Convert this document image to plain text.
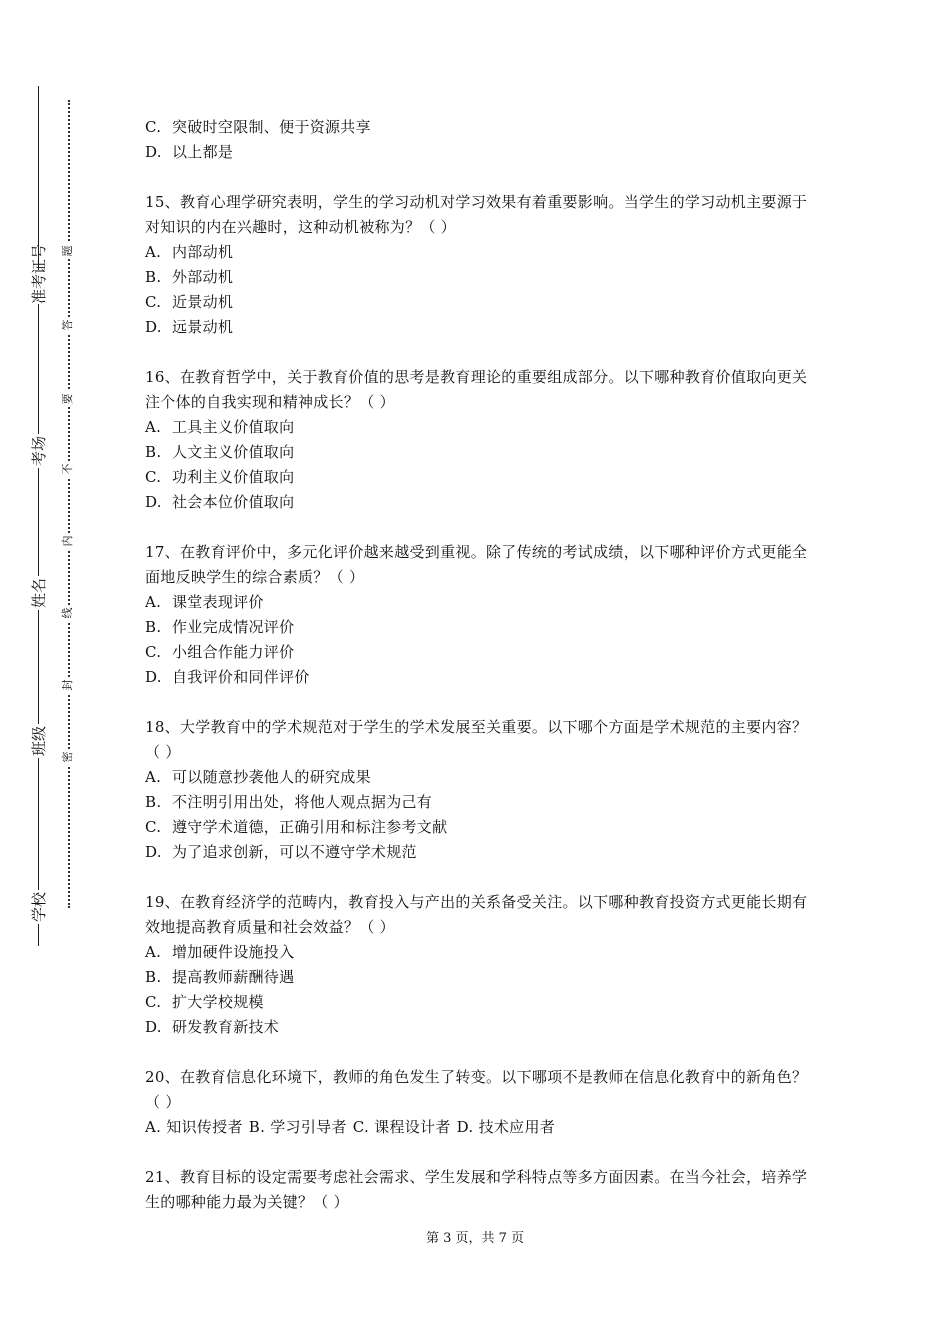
准考证号
考场
姓名
班级
学校
题
答
要
不
内
线
封
密

C. 突破时空限制、便于资源共享

D. 以上都是

15、教育心理学研究表明，学生的学习动机对学习效果有着重要影响。当学生的学习动机主要源于对知识的内在兴趣时，这种动机被称为？（ ）

A. 内部动机

B. 外部动机

C. 近景动机

D. 远景动机

16、在教育哲学中，关于教育价值的思考是教育理论的重要组成部分。以下哪种教育价值取向更关注个体的自我实现和精神成长？（ ）

A. 工具主义价值取向

B. 人文主义价值取向

C. 功利主义价值取向

D. 社会本位价值取向

17、在教育评价中，多元化评价越来越受到重视。除了传统的考试成绩，以下哪种评价方式更能全面地反映学生的综合素质？（ ）

A. 课堂表现评价

B. 作业完成情况评价

C. 小组合作能力评价

D. 自我评价和同伴评价

18、大学教育中的学术规范对于学生的学术发展至关重要。以下哪个方面是学术规范的主要内容？（ ）

A. 可以随意抄袭他人的研究成果

B. 不注明引用出处，将他人观点据为己有

C. 遵守学术道德，正确引用和标注参考文献

D. 为了追求创新，可以不遵守学术规范

19、在教育经济学的范畴内，教育投入与产出的关系备受关注。以下哪种教育投资方式更能长期有效地提高教育质量和社会效益？（ ）

A. 增加硬件设施投入

B. 提高教师薪酬待遇

C. 扩大学校规模

D. 研发教育新技术

20、在教育信息化环境下，教师的角色发生了转变。以下哪项不是教师在信息化教育中的新角色？（ ）

A. 知识传授者 B. 学习引导者 C. 课程设计者 D. 技术应用者

21、教育目标的设定需要考虑社会需求、学生发展和学科特点等多方面因素。在当今社会，培养学生的哪种能力最为关键？（ ）

第 3 页，共 7 页
